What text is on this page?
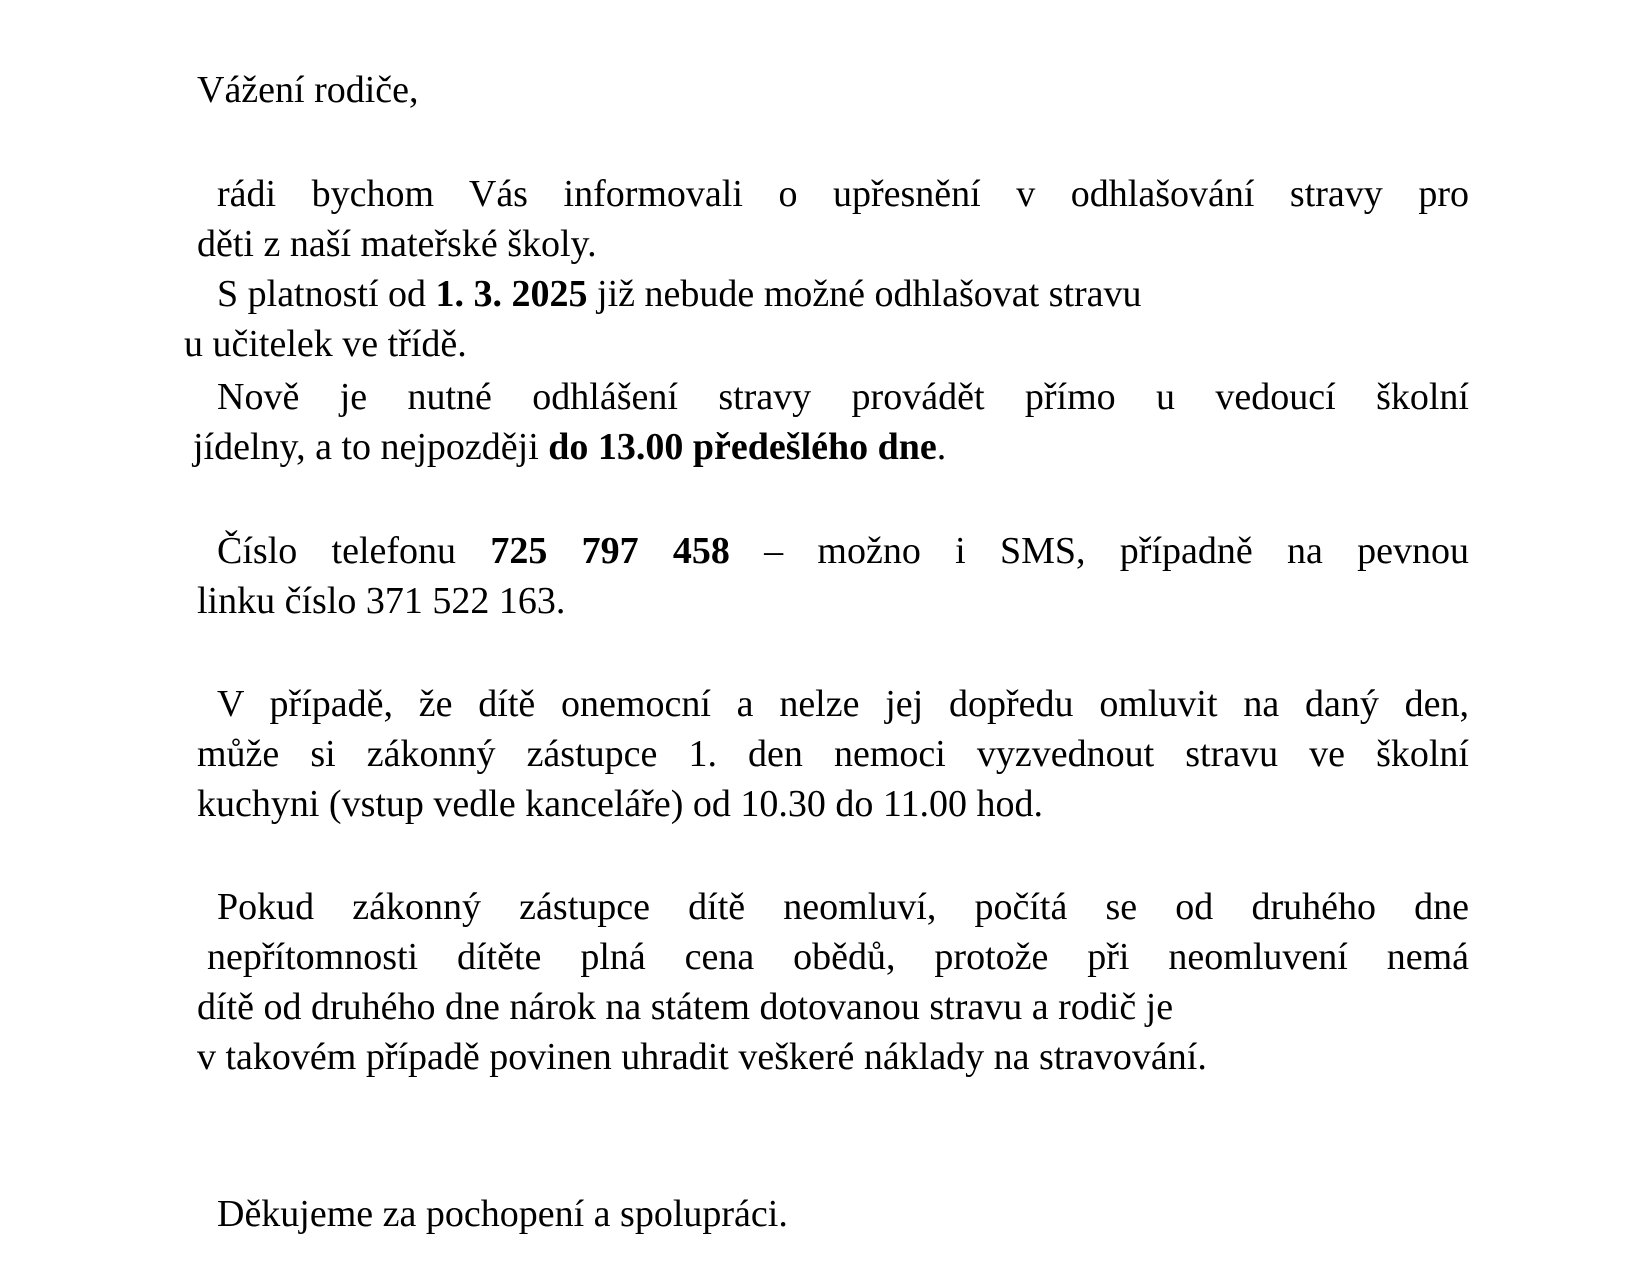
Vážení rodiče,
rádi bychom Vás informovali o upřesnění v odhlašování stravy pro
děti z naší mateřské školy.
S platností od 1. 3. 2025 již nebude možné odhlašovat stravu
u učitelek ve třídě.
Nově je nutné odhlášení stravy provádět přímo u vedoucí školní
jídelny, a to nejpozději do 13.00 předešlého dne.
Číslo telefonu 725 797 458 – možno i SMS, případně na pevnou
linku číslo 371 522 163.
V případě, že dítě onemocní a nelze jej dopředu omluvit na daný den,
může si zákonný zástupce 1. den nemoci vyzvednout stravu ve školní
kuchyni (vstup vedle kanceláře) od 10.30 do 11.00 hod.
Pokud zákonný zástupce dítě neomluví, počítá se od druhého dne
nepřítomnosti dítěte plná cena obědů, protože při neomluvení nemá
dítě od druhého dne nárok na státem dotovanou stravu a rodič je
v takovém případě povinen uhradit veškeré náklady na stravování.
Děkujeme za pochopení a spolupráci.
